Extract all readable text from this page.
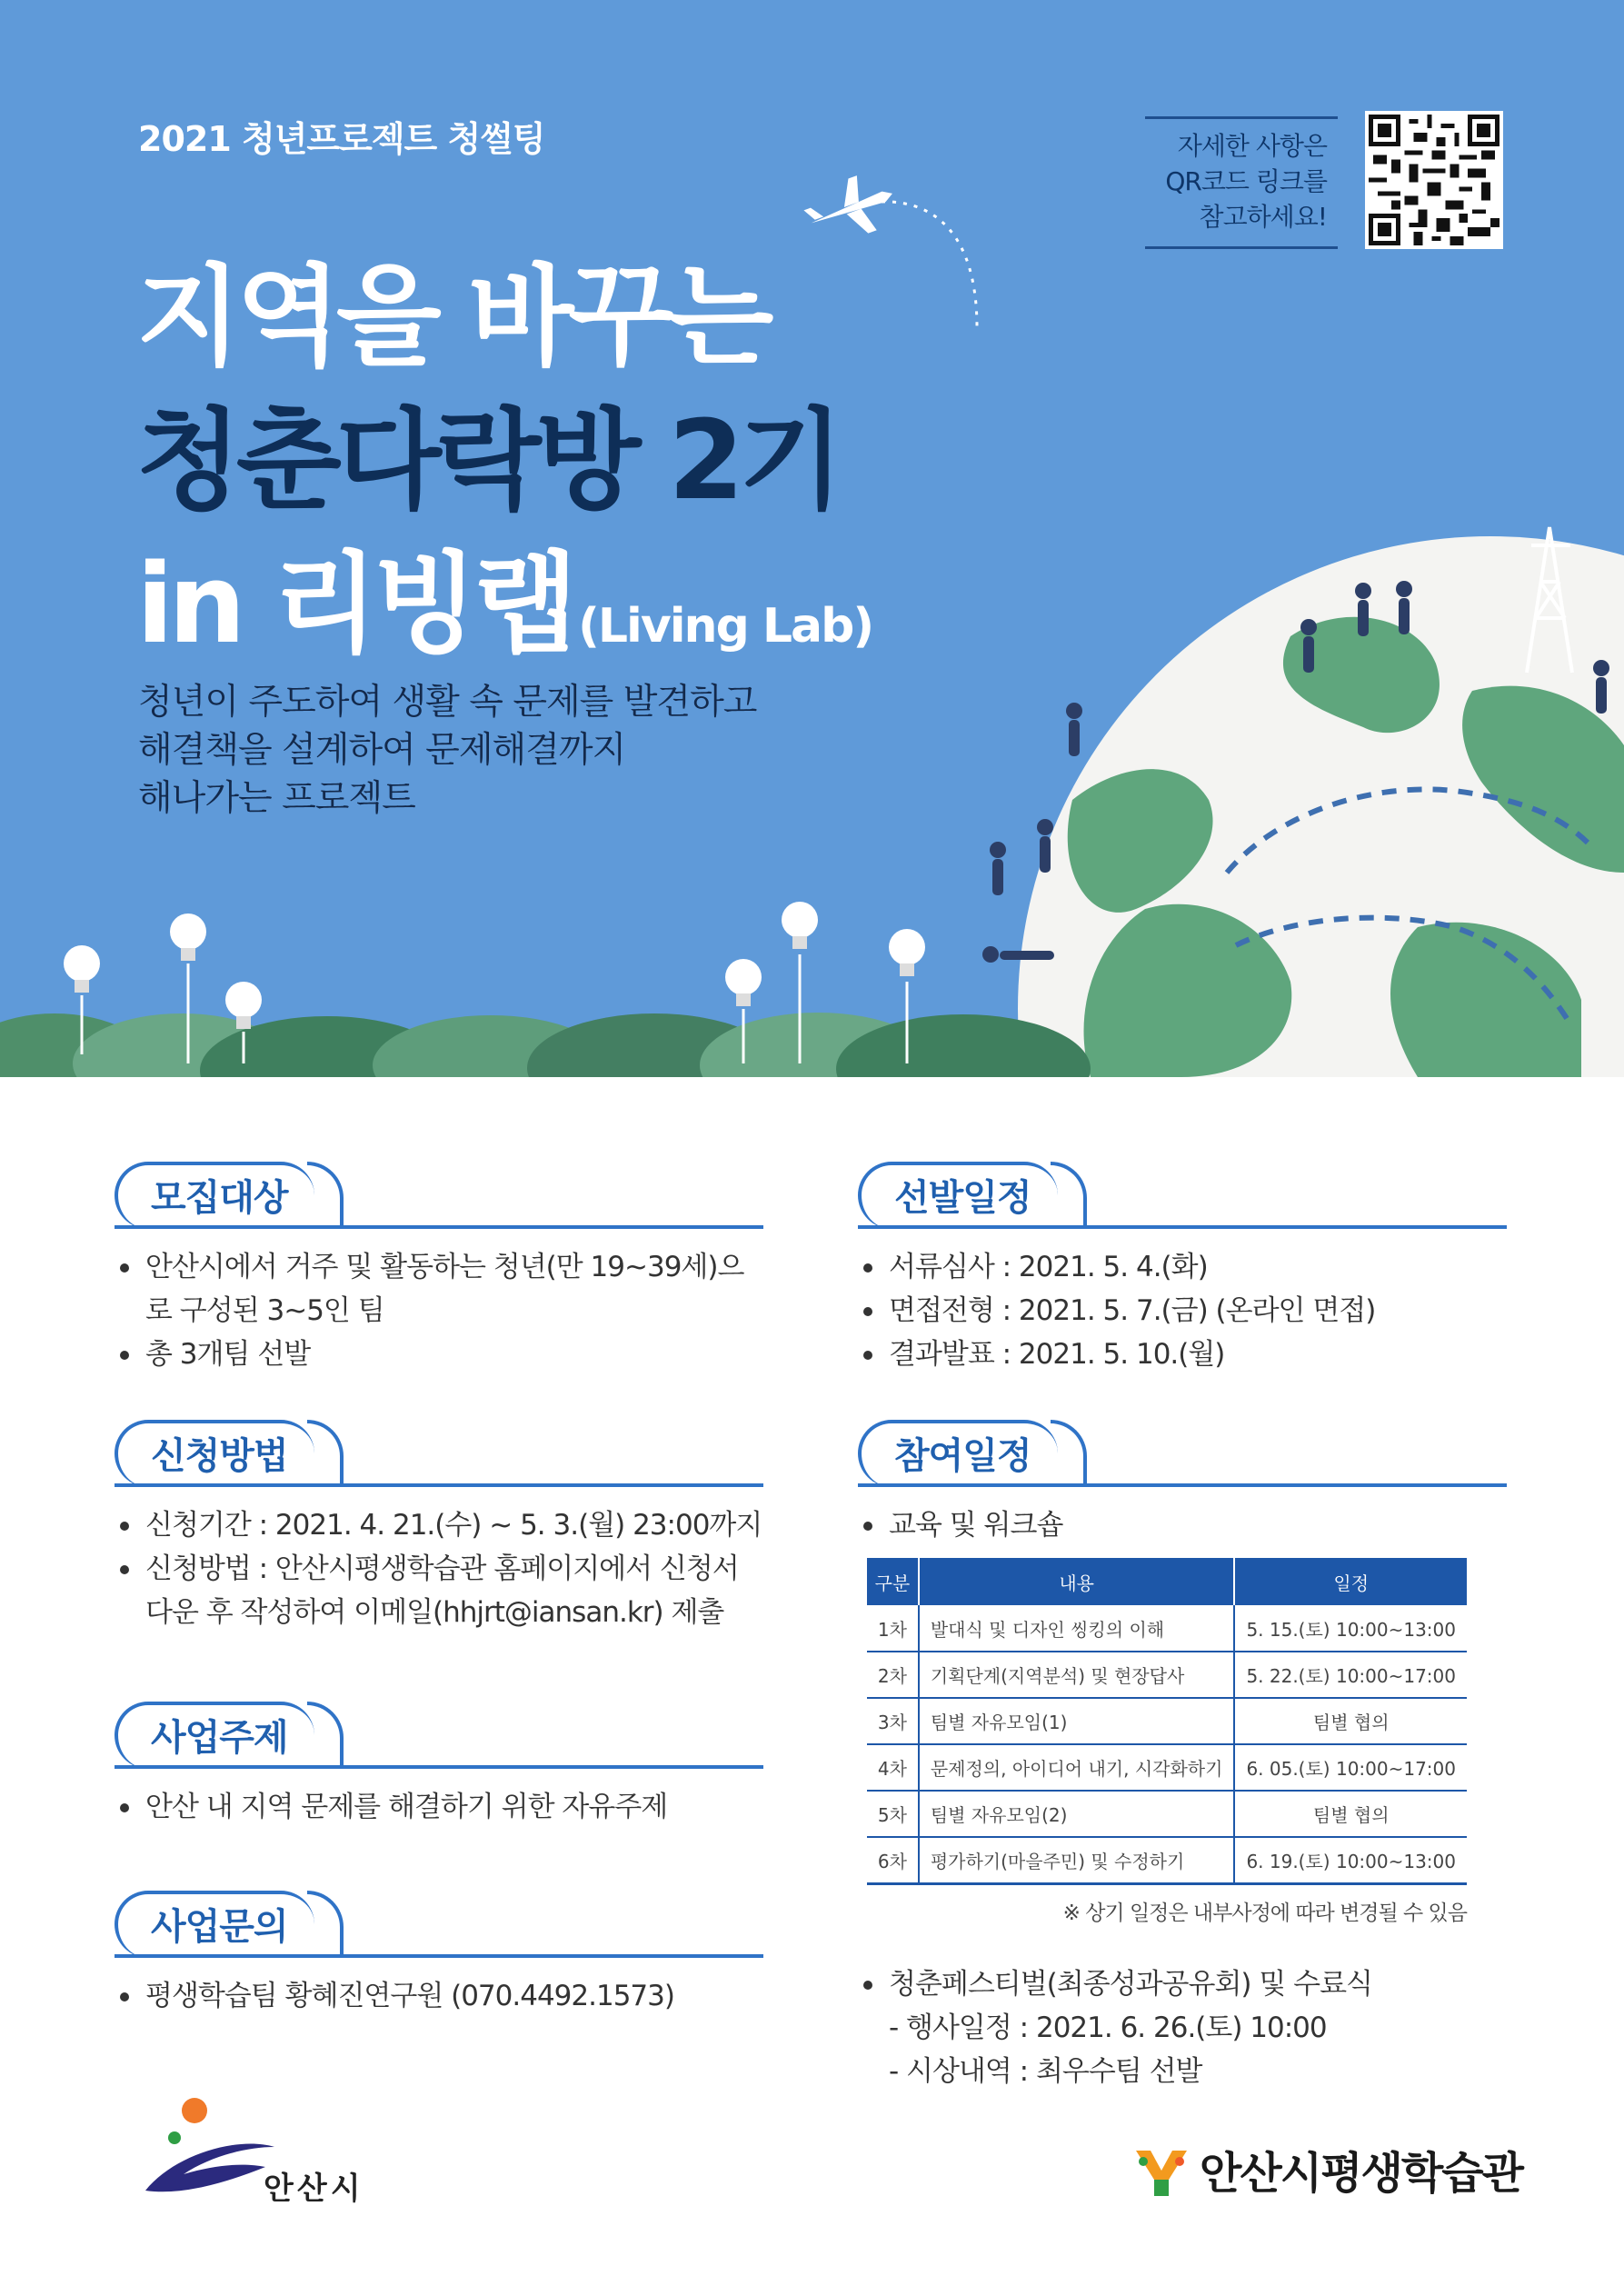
2021 청년프로젝트 청썰팅
지역을 바꾸는
청춘다락방 2기
in 리빙랩 (Living Lab)
청년이 주도하여 생활 속 문제를 발견하고
해결책을 설계하여 문제해결까지
해나가는 프로젝트
자세한 사항은
QR코드 링크를
참고하세요!
모집대상
안산시에서 거주 및 활동하는 청년(만 19~39세)으로 구성된 3~5인 팀
총 3개팀 선발
신청방법
신청기간 : 2021. 4. 21.(수) ~ 5. 3.(월) 23:00까지
신청방법 : 안산시평생학습관 홈페이지에서 신청서 다운 후 작성하여 이메일(hhjrt@iansan.kr) 제출
사업주제
안산 내 지역 문제를 해결하기 위한 자유주제
사업문의
평생학습팀 황혜진연구원 (070.4492.1573)
선발일정
서류심사 : 2021. 5. 4.(화)
면접전형 : 2021. 5. 7.(금) (온라인 면접)
결과발표 : 2021. 5. 10.(월)
참여일정
교육 및 워크숍
구분	내용	일정
1차	발대식 및 디자인 씽킹의 이해	5. 15.(토) 10:00~13:00
2차	기획단계(지역분석) 및 현장답사	5. 22.(토) 10:00~17:00
3차	팀별 자유모임(1)	팀별 협의
4차	문제정의, 아이디어 내기, 시각화하기	6. 05.(토) 10:00~17:00
5차	팀별 자유모임(2)	팀별 협의
6차	평가하기(마을주민) 및 수정하기	6. 19.(토) 10:00~13:00
※ 상기 일정은 내부사정에 따라 변경될 수 있음
청춘페스티벌(최종성과공유회) 및 수료식
- 행사일정 : 2021. 6. 26.(토) 10:00
- 시상내역 : 최우수팀 선발
안산시	안산시평생학습관
